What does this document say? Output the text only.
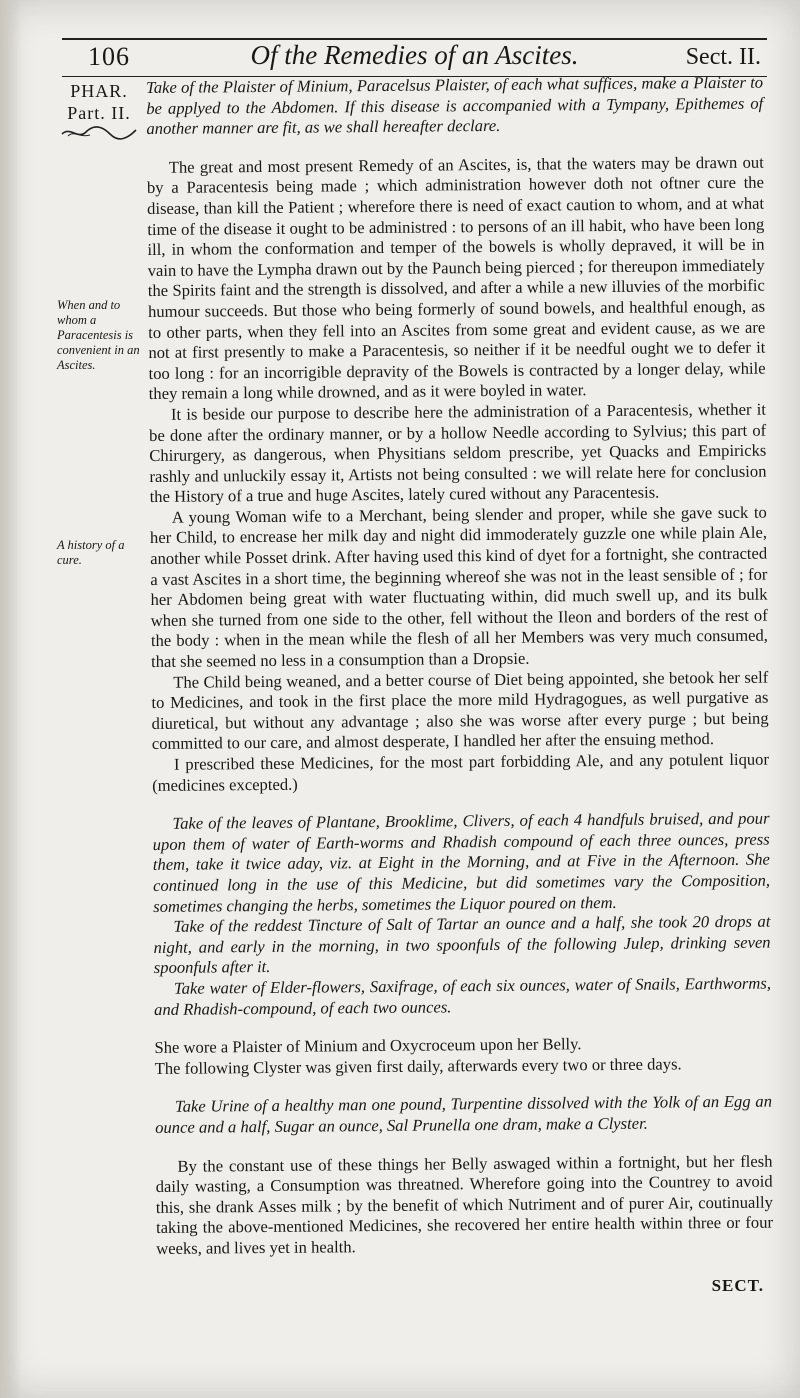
106	Of the Remedies of an Ascites.	Sect. II.
PHAR.
Part. II.
When and to whom a Paracentesis is convenient in an Ascites.
A history of a cure.

Take of the Plaister of Minium, Paracelsus Plaister, of each what suffices, make a Plaister to be applyed to the Abdomen. If this disease is accompanied with a Tympany, Epithemes of another manner are fit, as we shall hereafter declare.

The great and most present Remedy of an Ascites, is, that the waters may be drawn out by a Paracentesis being made ; which administration however doth not oftner cure the disease, than kill the Patient ; wherefore there is need of exact caution to whom, and at what time of the disease it ought to be administred : to persons of an ill habit, who have been long ill, in whom the conformation and temper of the bowels is wholly depraved, it will be in vain to have the Lympha drawn out by the Paunch being pierced ; for thereupon immediately the Spirits faint and the strength is dissolved, and after a while a new illuvies of the morbific humour succeeds. But those who being formerly of sound bowels, and healthful enough, as to other parts, when they fell into an Ascites from some great and evident cause, as we are not at first presently to make a Paracentesis, so neither if it be needful ought we to defer it too long : for an incorrigible depravity of the Bowels is contracted by a longer delay, while they remain a long while drowned, and as it were boyled in water.

It is beside our purpose to describe here the administration of a Paracentesis, whether it be done after the ordinary manner, or by a hollow Needle according to Sylvius; this part of Chirurgery, as dangerous, when Physitians seldom prescribe, yet Quacks and Empiricks rashly and unluckily essay it, Artists not being consulted : we will relate here for conclusion the History of a true and huge Ascites, lately cured without any Paracentesis.

A young Woman wife to a Merchant, being slender and proper, while she gave suck to her Child, to encrease her milk day and night did immoderately guzzle one while plain Ale, another while Posset drink. After having used this kind of dyet for a fortnight, she contracted a vast Ascites in a short time, the beginning whereof she was not in the least sensible of ; for her Abdomen being great with water fluctuating within, did much swell up, and its bulk when she turned from one side to the other, fell without the Ileon and borders of the rest of the body : when in the mean while the flesh of all her Members was very much consumed, that she seemed no less in a consumption than a Dropsie.

The Child being weaned, and a better course of Diet being appointed, she betook her self to Medicines, and took in the first place the more mild Hydragogues, as well purgative as diuretical, but without any advantage ; also she was worse after every purge ; but being committed to our care, and almost desperate, I handled her after the ensuing method.

I prescribed these Medicines, for the most part forbidding Ale, and any potulent liquor (medicines excepted.)

Take of the leaves of Plantane, Brooklime, Clivers, of each 4 handfuls bruised, and pour upon them of water of Earth-worms and Rhadish compound of each three ounces, press them, take it twice aday, viz. at Eight in the Morning, and at Five in the Afternoon. She continued long in the use of this Medicine, but did sometimes vary the Composition, sometimes changing the herbs, sometimes the Liquor poured on them.

Take of the reddest Tincture of Salt of Tartar an ounce and a half, she took 20 drops at night, and early in the morning, in two spoonfuls of the following Julep, drinking seven spoonfuls after it.

Take water of Elder-flowers, Saxifrage, of each six ounces, water of Snails, Earthworms, and Rhadish-compound, of each two ounces.

She wore a Plaister of Minium and Oxycroceum upon her Belly.

The following Clyster was given first daily, afterwards every two or three days.

Take Urine of a healthy man one pound, Turpentine dissolved with the Yolk of an Egg an ounce and a half, Sugar an ounce, Sal Prunella one dram, make a Clyster.

By the constant use of these things her Belly aswaged within a fortnight, but her flesh daily wasting, a Consumption was threatned. Wherefore going into the Countrey to avoid this, she drank Asses milk ; by the benefit of which Nutriment and of purer Air, coutinually taking the above-mentioned Medicines, she recovered her entire health within three or four weeks, and lives yet in health.

SECT.
